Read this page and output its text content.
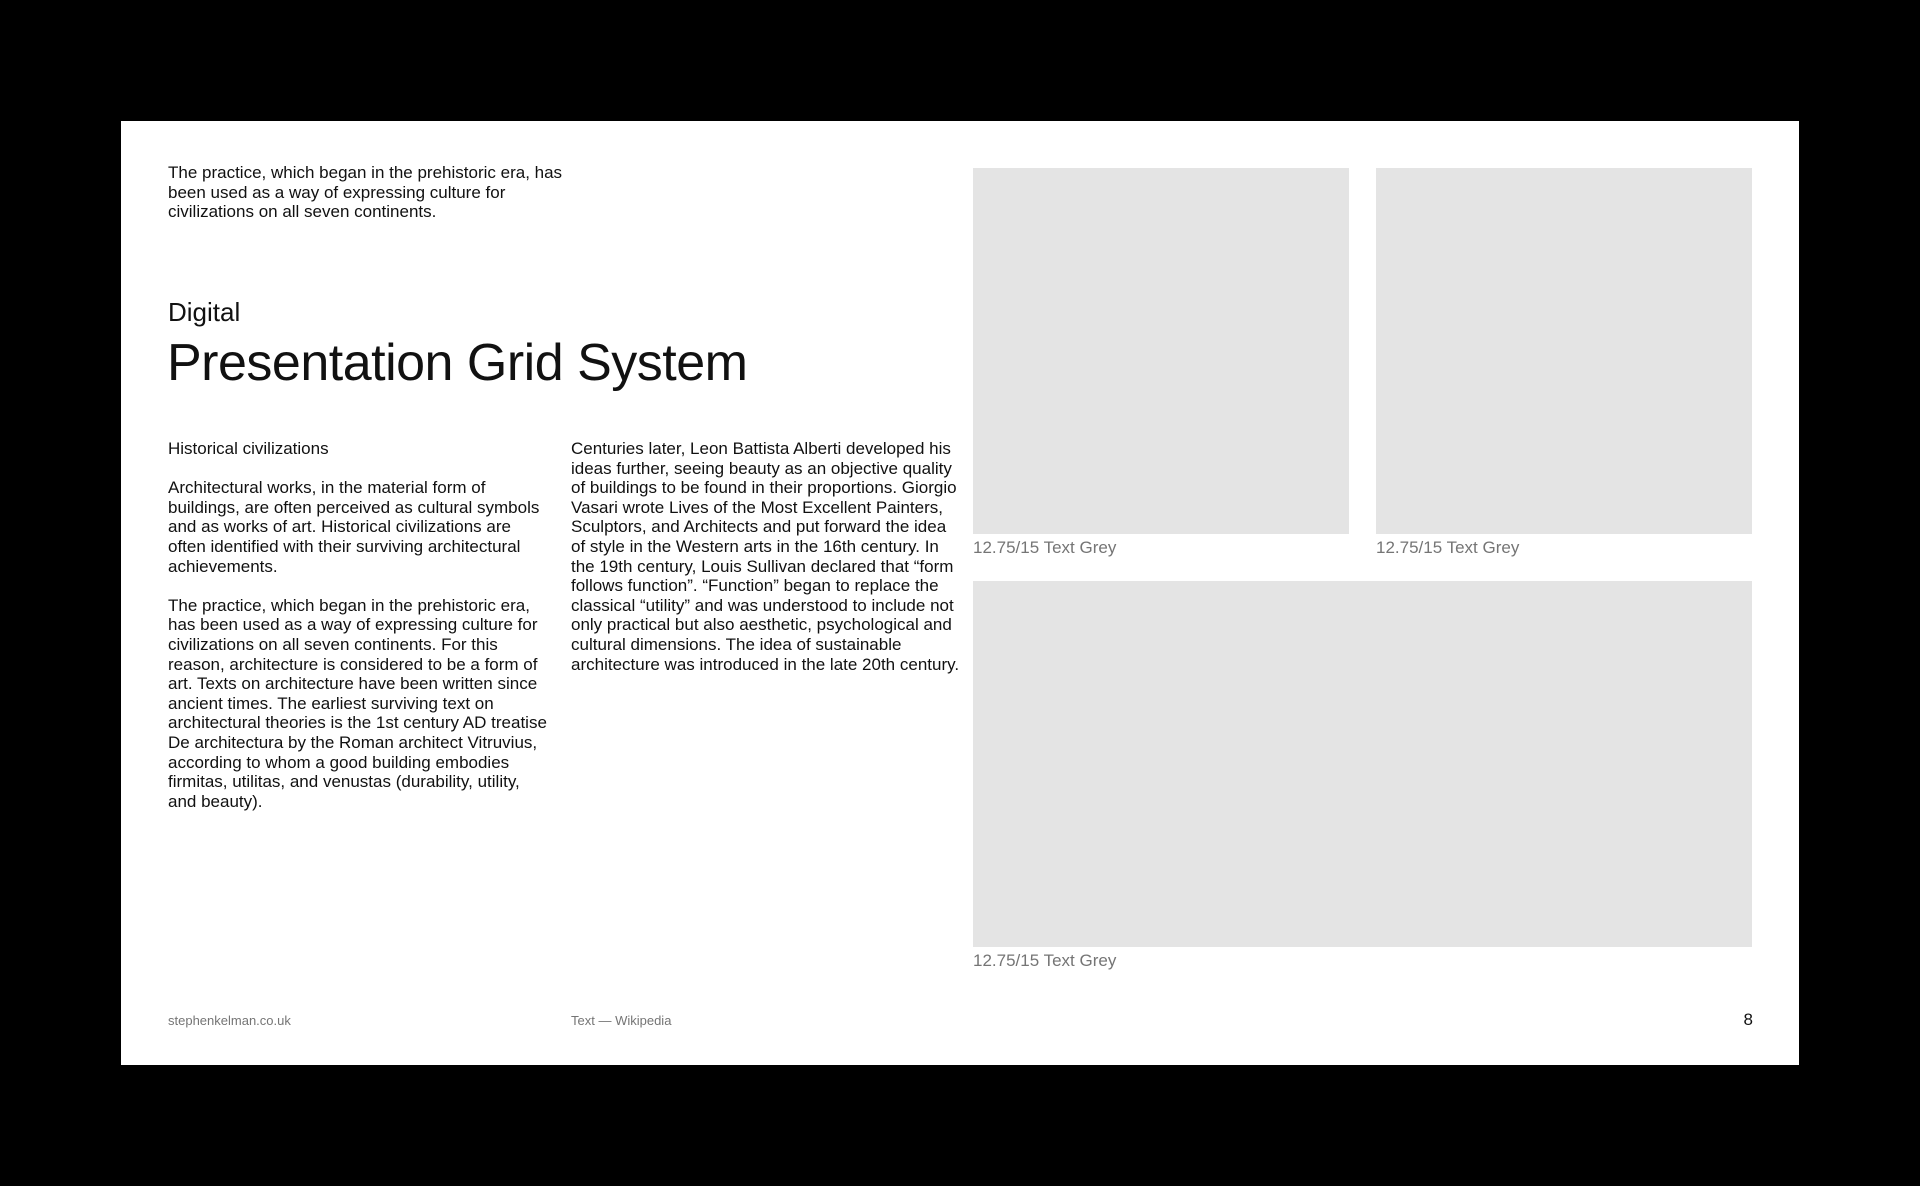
The practice, which began in the prehistoric era, has been used as a way of expressing culture for civilizations on all seven continents.
Digital
Presentation Grid System

Historical civilizations

Architectural works, in the material form of buildings, are often perceived as cultural symbols and as works of art. Historical civilizations are often identified with their surviving architectural achievements.

The practice, which began in the prehistoric era, has been used as a way of expressing culture for civilizations on all seven continents. For this reason, architecture is considered to be a form of art. Texts on architecture have been written since ancient times. The earliest surviving text on architectural theories is the 1st century AD treatise De architectura by the Roman architect Vitruvius, according to whom a good building embodies firmitas, utilitas, and venustas (durability, utility, and beauty).

Centuries later, Leon Battista Alberti developed his ideas further, seeing beauty as an objective quality of buildings to be found in their proportions. Giorgio Vasari wrote Lives of the Most Excellent Painters, Sculptors, and Architects and put forward the idea of style in the Western arts in the 16th century. In the 19th century, Louis Sullivan declared that “form follows function”. “Function” began to replace the classical “utility” and was understood to include not only practical but also aesthetic, psychological and cultural dimensions. The idea of sustainable architecture was introduced in the late 20th century.

12.75/15 Text Grey	12.75/15 Text Grey
12.75/15 Text Grey
stephenkelman.co.uk	Text — Wikipedia	8
